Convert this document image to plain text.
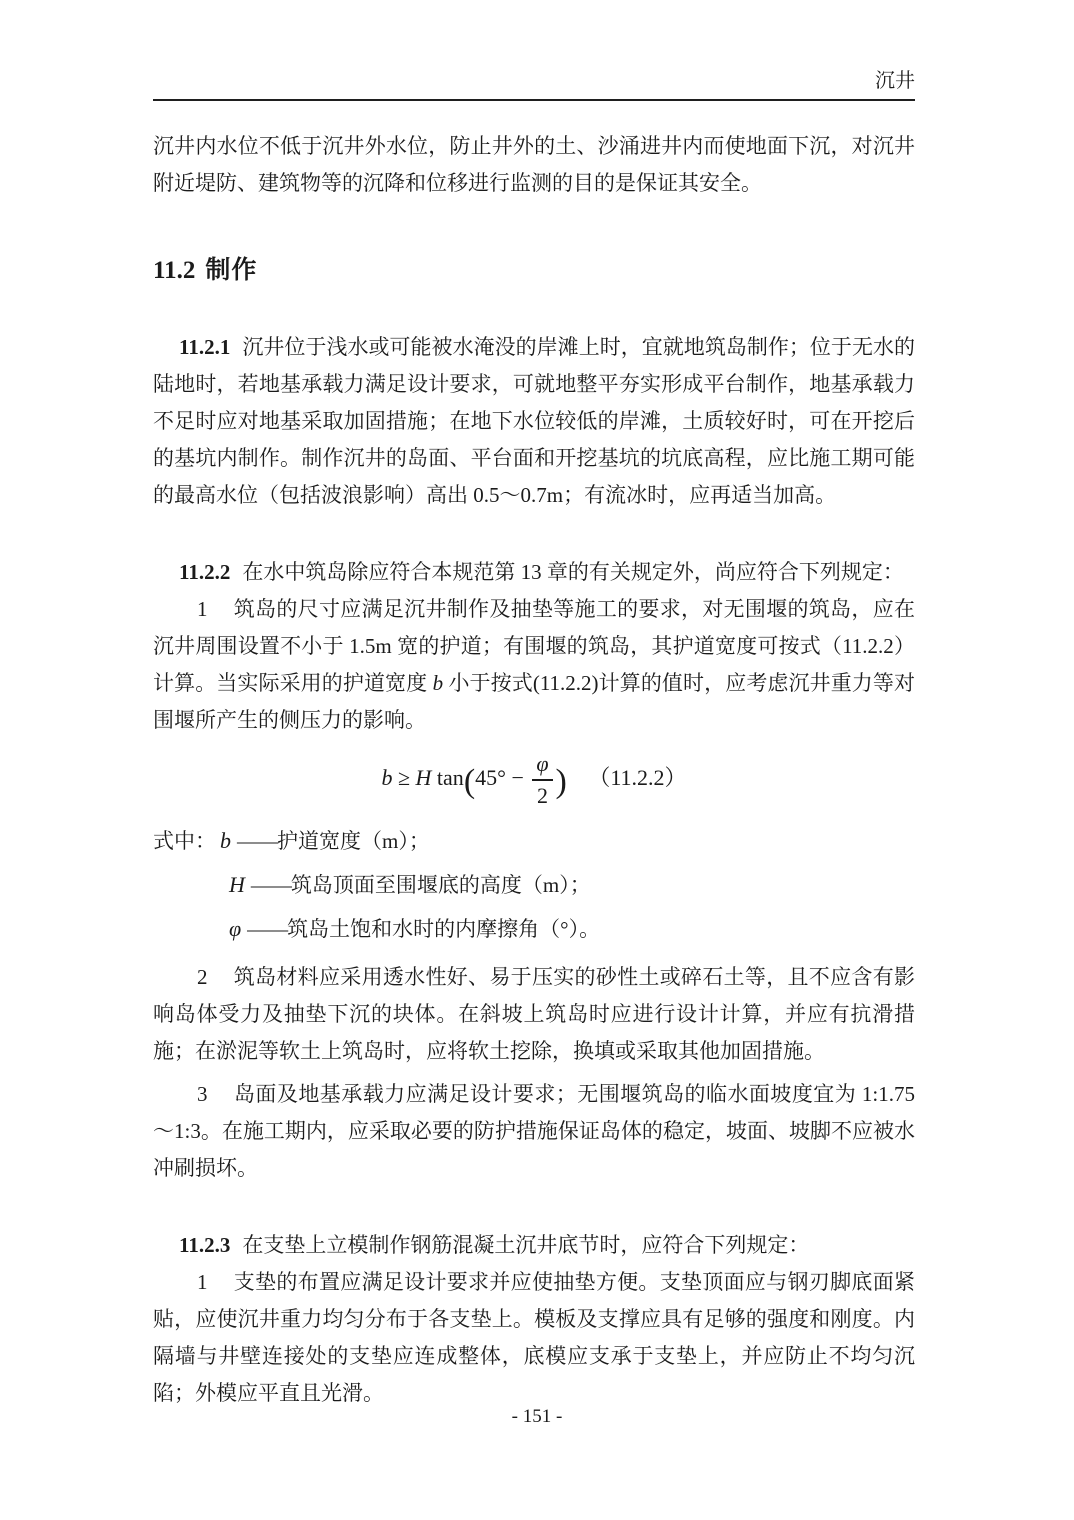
沉井

沉井内水位不低于沉井外水位，防止井外的土、沙涌进井内而使地面下沉，对沉井附近堤防、建筑物等的沉降和位移进行监测的目的是保证其安全。

11.2 制作

11.2.1 沉井位于浅水或可能被水淹没的岸滩上时，宜就地筑岛制作；位于无水的陆地时，若地基承载力满足设计要求，可就地整平夯实形成平台制作，地基承载力不足时应对地基采取加固措施；在地下水位较低的岸滩，土质较好时，可在开挖后的基坑内制作。制作沉井的岛面、平台面和开挖基坑的坑底高程，应比施工期可能的最高水位（包括波浪影响）高出 0.5～0.7m；有流冰时，应再适当加高。

11.2.2 在水中筑岛除应符合本规范第 13 章的有关规定外，尚应符合下列规定：

1 筑岛的尺寸应满足沉井制作及抽垫等施工的要求，对无围堰的筑岛，应在沉井周围设置不小于 1.5m 宽的护道；有围堰的筑岛，其护道宽度可按式（11.2.2）计算。当实际采用的护道宽度 b 小于按式(11.2.2)计算的值时，应考虑沉井重力等对围堰所产生的侧压力的影响。

b ≥ H $\tan(45^\circ - \frac{\varphi}{2}$ ) （11.2.2）

式中： b ——护道宽度（m）；

H ——筑岛顶面至围堰底的高度（m）；

φ ——筑岛土饱和水时的内摩擦角（°）。

2 筑岛材料应采用透水性好、易于压实的砂性土或碎石土等，且不应含有影响岛体受力及抽垫下沉的块体。在斜坡上筑岛时应进行设计计算，并应有抗滑措施；在淤泥等软土上筑岛时，应将软土挖除，换填或采取其他加固措施。

3 岛面及地基承载力应满足设计要求；无围堰筑岛的临水面坡度宜为 1:1.75～1:3。在施工期内，应采取必要的防护措施保证岛体的稳定，坡面、坡脚不应被水冲刷损坏。

11.2.3 在支垫上立模制作钢筋混凝土沉井底节时，应符合下列规定：

1 支垫的布置应满足设计要求并应使抽垫方便。支垫顶面应与钢刃脚底面紧贴，应使沉井重力均匀分布于各支垫上。模板及支撑应具有足够的强度和刚度。内隔墙与井壁连接处的支垫应连成整体，底模应支承于支垫上，并应防止不均匀沉陷；外模应平直且光滑。

- 151 -
